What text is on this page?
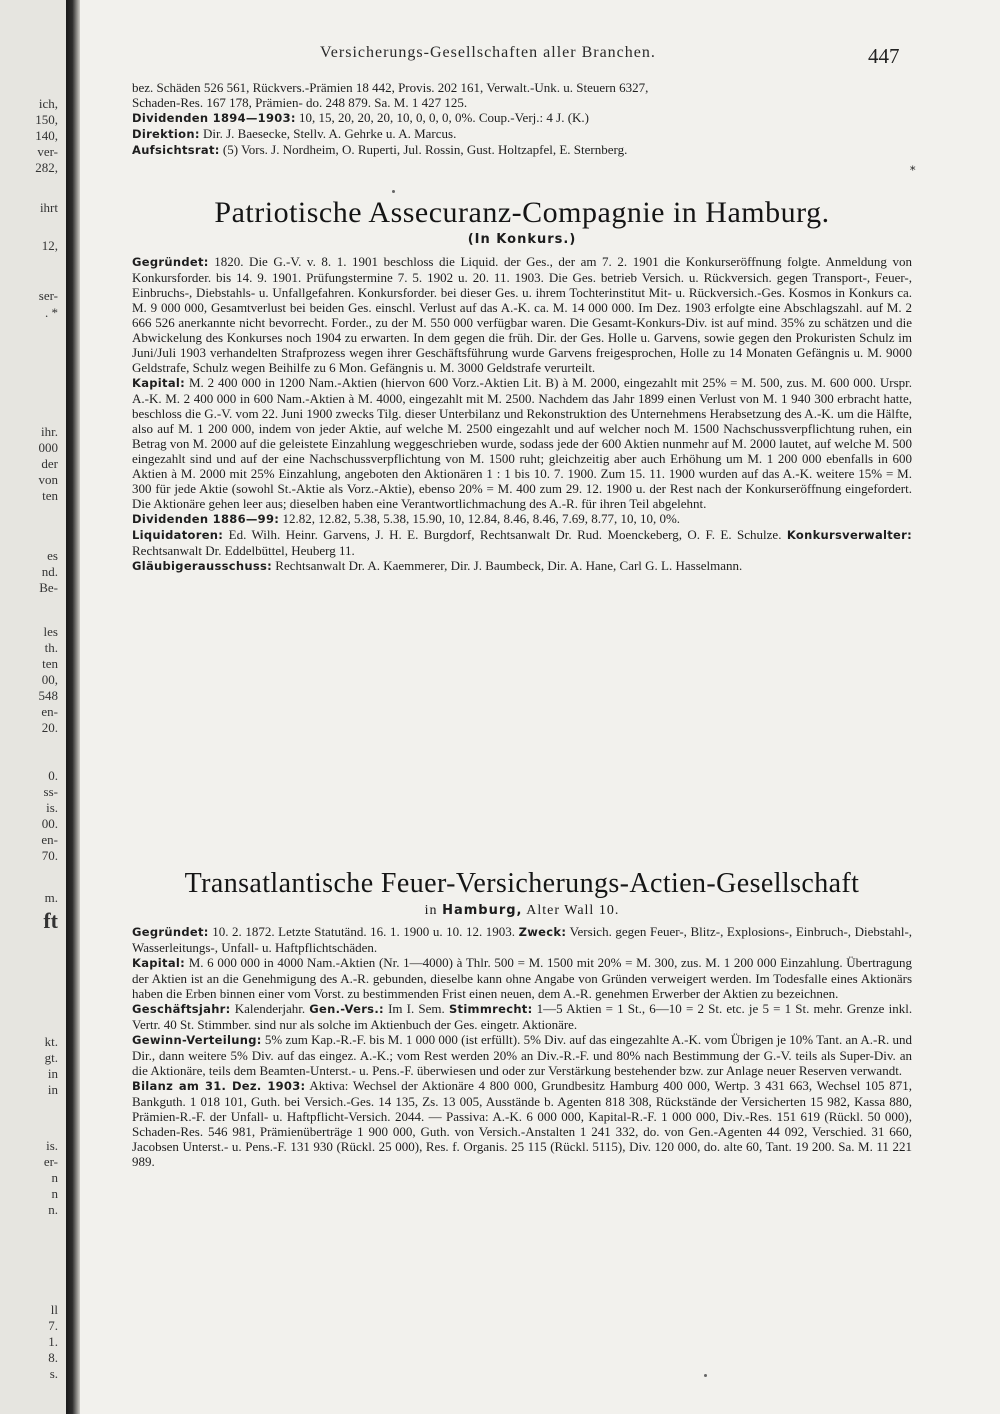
ich,
150,
140,
ver-
282,
ihrt
12,
ser-
. *
ihr.
000
der
von
ten
es
nd.
Be-
les
th.
ten
00,
548
en-
20.
0.
ss-
is.
00.
en-
70.
m.
ft
kt.
gt.
in
in
is.
er-
n
n
n.
ll
7.
1.
8.
s.
Versicherungs-Gesellschaften aller Branchen.	447

bez. Schäden 526 561, Rückvers.-Prämien 18 442, Provis. 202 161, Verwalt.-Unk. u. Steuern 6327,

Schaden-Res. 167 178, Prämien- do. 248 879. Sa. M. 1 427 125.

Dividenden 1894—1903: 10, 15, 20, 20, 20, 10, 0, 0, 0, 0%. Coup.-Verj.: 4 J. (K.)

Direktion: Dir. J. Baesecke, Stellv. A. Gehrke u. A. Marcus.

Aufsichtsrat: (5) Vors. J. Nordheim, O. Ruperti, Jul. Rossin, Gust. Holtzapfel, E. Sternberg.

*
Patriotische Assecuranz-Compagnie in Hamburg.
(In Konkurs.)

Gegründet: 1820. Die G.-V. v. 8. 1. 1901 beschloss die Liquid. der Ges., der am 7. 2. 1901 die Konkurseröffnung folgte. Anmeldung von Konkursforder. bis 14. 9. 1901. Prüfungstermine 7. 5. 1902 u. 20. 11. 1903. Die Ges. betrieb Versich. u. Rückversich. gegen Transport-, Feuer-, Einbruchs-, Diebstahls- u. Unfallgefahren. Konkursforder. bei dieser Ges. u. ihrem Tochterinstitut Mit- u. Rückversich.-Ges. Kosmos in Konkurs ca. M. 9 000 000, Gesamtverlust bei beiden Ges. einschl. Verlust auf das A.-K. ca. M. 14 000 000. Im Dez. 1903 erfolgte eine Abschlagszahl. auf M. 2 666 526 anerkannte nicht bevorrecht. Forder., zu der M. 550 000 verfügbar waren. Die Gesamt-Konkurs-Div. ist auf mind. 35% zu schätzen und die Abwickelung des Konkurses noch 1904 zu erwarten. In dem gegen die früh. Dir. der Ges. Holle u. Garvens, sowie gegen den Prokuristen Schulz im Juni/Juli 1903 verhandelten Strafprozess wegen ihrer Geschäftsführung wurde Garvens freigesprochen, Holle zu 14 Monaten Gefängnis u. M. 9000 Geldstrafe, Schulz wegen Beihilfe zu 6 Mon. Gefängnis u. M. 3000 Geldstrafe verurteilt.

Kapital: M. 2 400 000 in 1200 Nam.-Aktien (hiervon 600 Vorz.-Aktien Lit. B) à M. 2000, eingezahlt mit 25% = M. 500, zus. M. 600 000. Urspr. A.-K. M. 2 400 000 in 600 Nam.-Aktien à M. 4000, eingezahlt mit M. 2500. Nachdem das Jahr 1899 einen Verlust von M. 1 940 300 erbracht hatte, beschloss die G.-V. vom 22. Juni 1900 zwecks Tilg. dieser Unterbilanz und Rekonstruktion des Unternehmens Herabsetzung des A.-K. um die Hälfte, also auf M. 1 200 000, indem von jeder Aktie, auf welche M. 2500 eingezahlt und auf welcher noch M. 1500 Nachschussverpflichtung ruhen, ein Betrag von M. 2000 auf die geleistete Einzahlung weggeschrieben wurde, sodass jede der 600 Aktien nunmehr auf M. 2000 lautet, auf welche M. 500 eingezahlt sind und auf der eine Nachschussverpflichtung von M. 1500 ruht; gleichzeitig aber auch Erhöhung um M. 1 200 000 ebenfalls in 600 Aktien à M. 2000 mit 25% Einzahlung, angeboten den Aktionären 1 : 1 bis 10. 7. 1900. Zum 15. 11. 1900 wurden auf das A.-K. weitere 15% = M. 300 für jede Aktie (sowohl St.-Aktie als Vorz.-Aktie), ebenso 20% = M. 400 zum 29. 12. 1900 u. der Rest nach der Konkurseröffnung eingefordert. Die Aktionäre gehen leer aus; dieselben haben eine Verantwortlichmachung des A.-R. für ihren Teil abgelehnt.

Dividenden 1886—99: 12.82, 12.82, 5.38, 5.38, 15.90, 10, 12.84, 8.46, 8.46, 7.69, 8.77, 10, 10, 0%.

Liquidatoren: Ed. Wilh. Heinr. Garvens, J. H. E. Burgdorf, Rechtsanwalt Dr. Rud. Moenckeberg, O. F. E. Schulze. Konkursverwalter: Rechtsanwalt Dr. Eddelbüttel, Heuberg 11.

Gläubigerausschuss: Rechtsanwalt Dr. A. Kaemmerer, Dir. J. Baumbeck, Dir. A. Hane, Carl G. L. Hasselmann.

Transatlantische Feuer-Versicherungs-Actien-Gesellschaft
in Hamburg, Alter Wall 10.

Gegründet: 10. 2. 1872. Letzte Statutänd. 16. 1. 1900 u. 10. 12. 1903. Zweck: Versich. gegen Feuer-, Blitz-, Explosions-, Einbruch-, Diebstahl-, Wasserleitungs-, Unfall- u. Haftpflichtschäden.

Kapital: M. 6 000 000 in 4000 Nam.-Aktien (Nr. 1—4000) à Thlr. 500 = M. 1500 mit 20% = M. 300, zus. M. 1 200 000 Einzahlung. Übertragung der Aktien ist an die Genehmigung des A.-R. gebunden, dieselbe kann ohne Angabe von Gründen verweigert werden. Im Todesfalle eines Aktionärs haben die Erben binnen einer vom Vorst. zu bestimmenden Frist einen neuen, dem A.-R. genehmen Erwerber der Aktien zu bezeichnen.

Geschäftsjahr: Kalenderjahr. Gen.-Vers.: Im I. Sem. Stimmrecht: 1—5 Aktien = 1 St., 6—10 = 2 St. etc. je 5 = 1 St. mehr. Grenze inkl. Vertr. 40 St. Stimmber. sind nur als solche im Aktienbuch der Ges. eingetr. Aktionäre.

Gewinn-Verteilung: 5% zum Kap.-R.-F. bis M. 1 000 000 (ist erfüllt). 5% Div. auf das eingezahlte A.-K. vom Übrigen je 10% Tant. an A.-R. und Dir., dann weitere 5% Div. auf das eingez. A.-K.; vom Rest werden 20% an Div.-R.-F. und 80% nach Bestimmung der G.-V. teils als Super-Div. an die Aktionäre, teils dem Beamten-Unterst.- u. Pens.-F. überwiesen und oder zur Verstärkung bestehender bzw. zur Anlage neuer Reserven verwandt.

Bilanz am 31. Dez. 1903: Aktiva: Wechsel der Aktionäre 4 800 000, Grundbesitz Hamburg 400 000, Wertp. 3 431 663, Wechsel 105 871, Bankguth. 1 018 101, Guth. bei Versich.-Ges. 14 135, Zs. 13 005, Ausstände b. Agenten 818 308, Rückstände der Versicherten 15 982, Kassa 880, Prämien-R.-F. der Unfall- u. Haftpflicht-Versich. 2044. — Passiva: A.-K. 6 000 000, Kapital-R.-F. 1 000 000, Div.-Res. 151 619 (Rückl. 50 000), Schaden-Res. 546 981, Prämienüberträge 1 900 000, Guth. von Versich.-Anstalten 1 241 332, do. von Gen.-Agenten 44 092, Verschied. 31 660, Jacobsen Unterst.- u. Pens.-F. 131 930 (Rückl. 25 000), Res. f. Organis. 25 115 (Rückl. 5115), Div. 120 000, do. alte 60, Tant. 19 200. Sa. M. 11 221 989.
